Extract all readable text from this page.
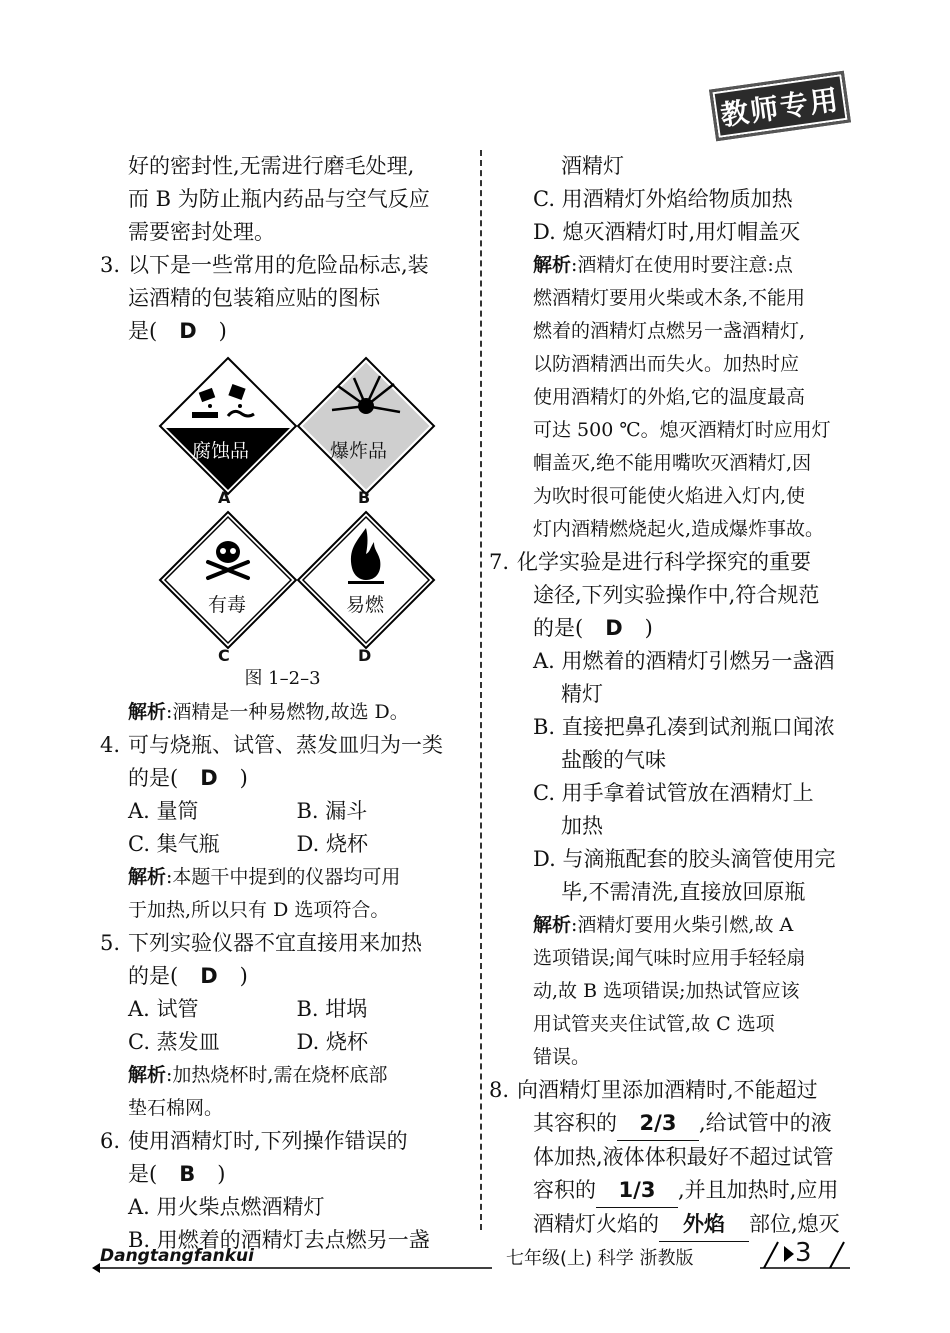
教师专用
好的密封性,无需进行磨毛处理,
而 B 为防止瓶内药品与空气反应
需要密封处理。
3. 以下是一些常用的危险品标志,装
运酒精的包装箱应贴的图标
是( D )
腐蚀品	爆炸品
有毒	易燃
A	B
C	D
图 1–2–3
解析:酒精是一种易燃物,故选 D。
4. 可与烧瓶、试管、蒸发皿归为一类
的是( D )
A. 量筒	B. 漏斗
C. 集气瓶	D. 烧杯
解析:本题干中提到的仪器均可用
于加热,所以只有 D 选项符合。
5. 下列实验仪器不宜直接用来加热
的是( D )
A. 试管	B. 坩埚
C. 蒸发皿	D. 烧杯
解析:加热烧杯时,需在烧杯底部
垫石棉网。
6. 使用酒精灯时,下列操作错误的
是( B )
A. 用火柴点燃酒精灯
B. 用燃着的酒精灯去点燃另一盏
酒精灯
C. 用酒精灯外焰给物质加热
D. 熄灭酒精灯时,用灯帽盖灭
解析:酒精灯在使用时要注意:点
燃酒精灯要用火柴或木条,不能用
燃着的酒精灯点燃另一盏酒精灯,
以防酒精洒出而失火。加热时应
使用酒精灯的外焰,它的温度最高
可达 500 ℃。熄灭酒精灯时应用灯
帽盖灭,绝不能用嘴吹灭酒精灯,因
为吹时很可能使火焰进入灯内,使
灯内酒精燃烧起火,造成爆炸事故。
7. 化学实验是进行科学探究的重要
途径,下列实验操作中,符合规范
的是( D )
A. 用燃着的酒精灯引燃另一盏酒
精灯
B. 直接把鼻孔凑到试剂瓶口闻浓
盐酸的气味
C. 用手拿着试管放在酒精灯上
加热
D. 与滴瓶配套的胶头滴管使用完
毕,不需清洗,直接放回原瓶
解析:酒精灯要用火柴引燃,故 A
选项错误;闻气味时应用手轻轻扇
动,故 B 选项错误;加热试管应该
用试管夹夹住试管,故 C 选项
错误。
8. 向酒精灯里添加酒精时,不能超过
其容积的 2/3 ,给试管中的液
体加热,液体体积最好不超过试管
容积的 1/3 ,并且加热时,应用
酒精灯火焰的 外焰 部位,熄灭
Dangtangfankui	七年级(上) 科学 浙教版	3
